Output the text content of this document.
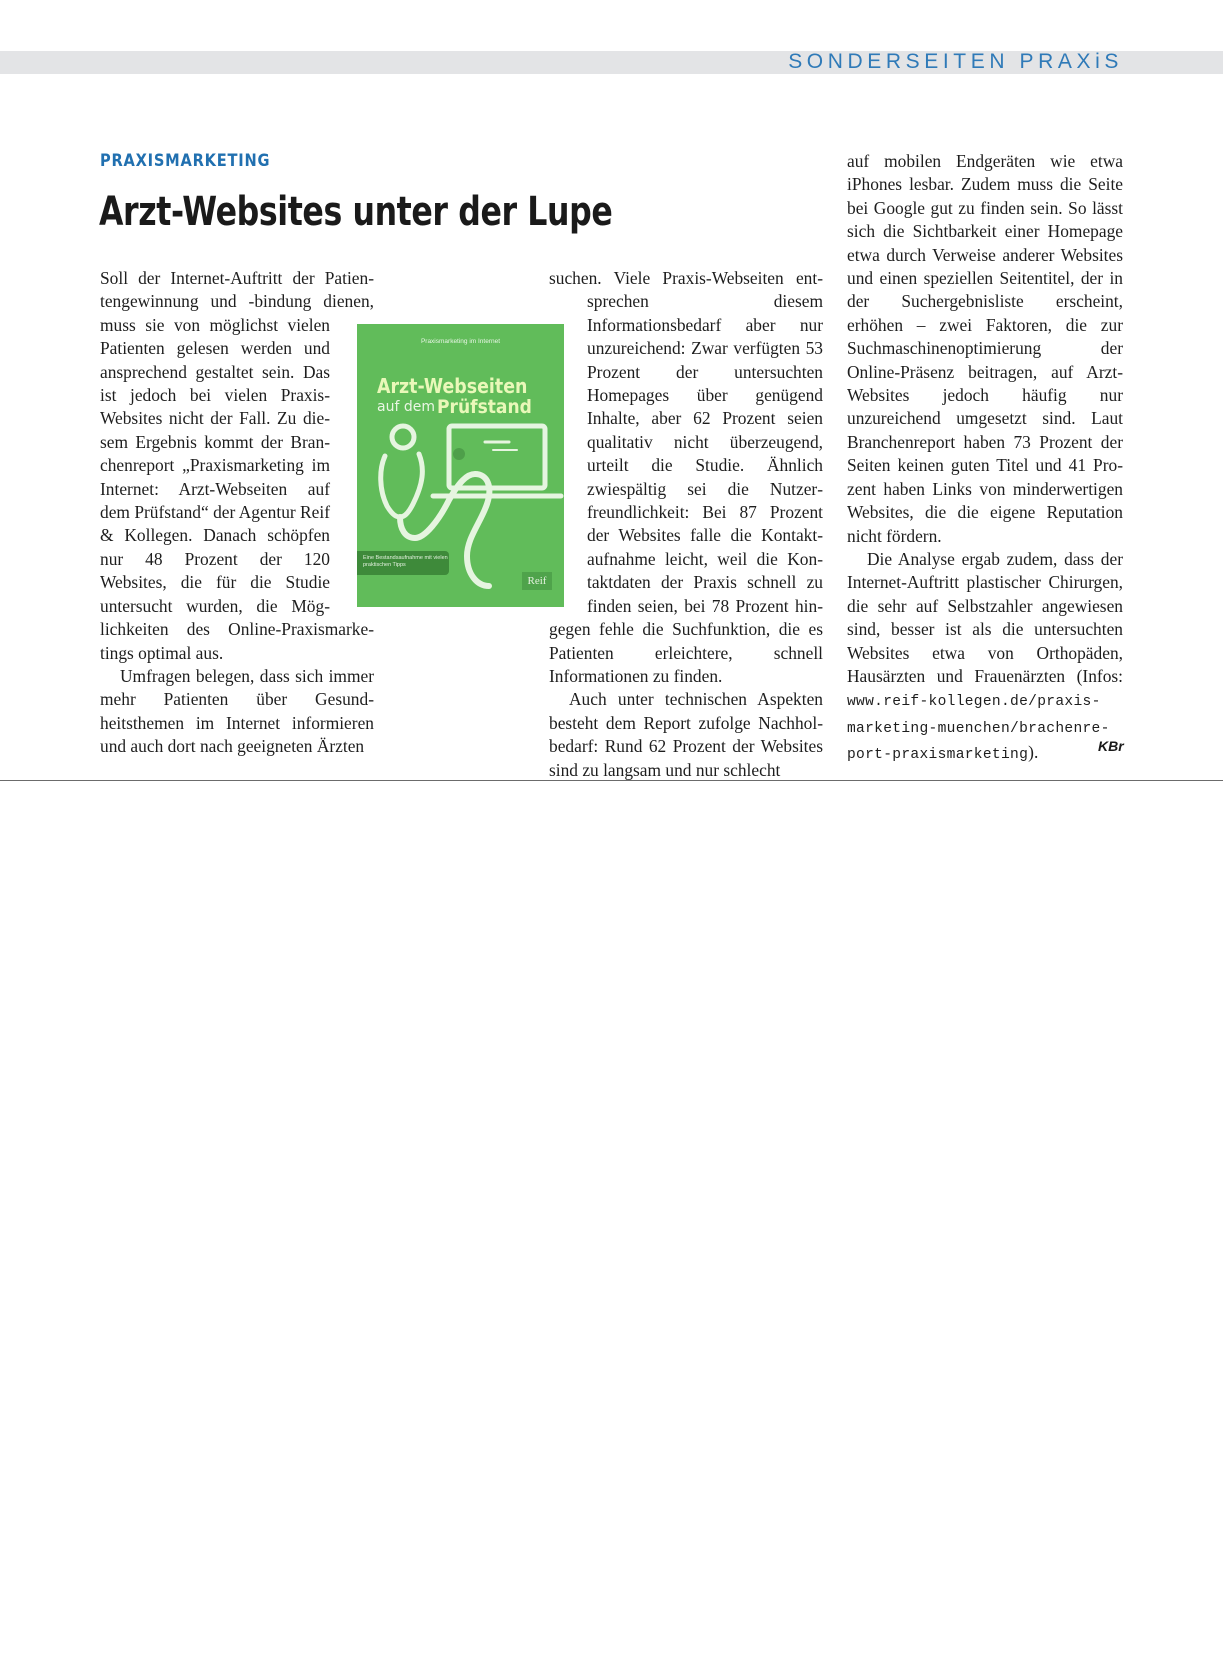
SONDERSEITEN PRAXiS
PRAXISMARKETING
Arzt-Websites unter der Lupe

Soll der Internet-Auftritt der Patientengewinnung und -bindung dienen, muss sie von möglichst vielen Patienten gelesen werden und ansprechend gestaltet sein. Das ist jedoch bei vielen Praxis-Websites nicht der Fall. Zu diesem Ergebnis kommt der Branchenreport „Praxismarketing im Internet: Arzt-Webseiten auf dem Prüfstand“ der Agentur Reif & Kollegen. Danach schöpfen nur 48 Prozent der 120 Websites, die für die Studie untersucht wurden, die Möglichkeiten des Online-Praxismarketings optimal aus.

Umfragen belegen, dass sich immer mehr Patienten über Gesundheitsthemen im Internet informieren und auch dort nach geeigneten Ärzten

suchen. Viele Praxis-Webseiten entsprechen diesem Informationsbedarf aber nur unzureichend: Zwar verfügten 53 Prozent der untersuchten Homepages über genügend Inhalte, aber 62 Prozent seien qualitativ nicht überzeugend, urteilt die Studie. Ähnlich zwiespältig sei die Nutzerfreundlichkeit: Bei 87 Prozent der Websites falle die Kontaktaufnahme leicht, weil die Kontaktdaten der Praxis schnell zu finden seien, bei 78 Prozent hingegen fehle die Suchfunktion, die es Patienten erleichtere, schnell Informationen zu finden.

Auch unter technischen Aspekten besteht dem Report zufolge Nachholbedarf: Rund 62 Prozent der Websites sind zu langsam und nur schlecht

auf mobilen Endgeräten wie etwa iPhones lesbar. Zudem muss die Seite bei Google gut zu finden sein. So lässt sich die Sichtbarkeit einer Homepage etwa durch Verweise anderer Websites und einen speziellen Seitentitel, der in der Suchergebnisliste erscheint, erhöhen – zwei Faktoren, die zur Suchmaschinenoptimierung der Online-Präsenz beitragen, auf Arzt-Websites jedoch häufig nur unzureichend umgesetzt sind. Laut Branchenreport haben 73 Prozent der Seiten keinen guten Titel und 41 Prozent haben Links von minderwertigen Websites, die die eigene Reputation nicht fördern.

Die Analyse ergab zudem, dass der Internet-Auftritt plastischer Chirurgen, die sehr auf Selbstzahler angewiesen sind, besser ist als die untersuchten Websites etwa von Orthopäden, Hausärzten und Frauenärzten (Infos: www.reif-kollegen.de/praxismarketing-muenchen/brachenreport-praxismarketing).	KBr
Praxismarketing im Internet
Arzt-Webseiten
auf dem Prüfstand
Eine Bestandsaufnahme mit vielen praktischen Tipps
Reif
